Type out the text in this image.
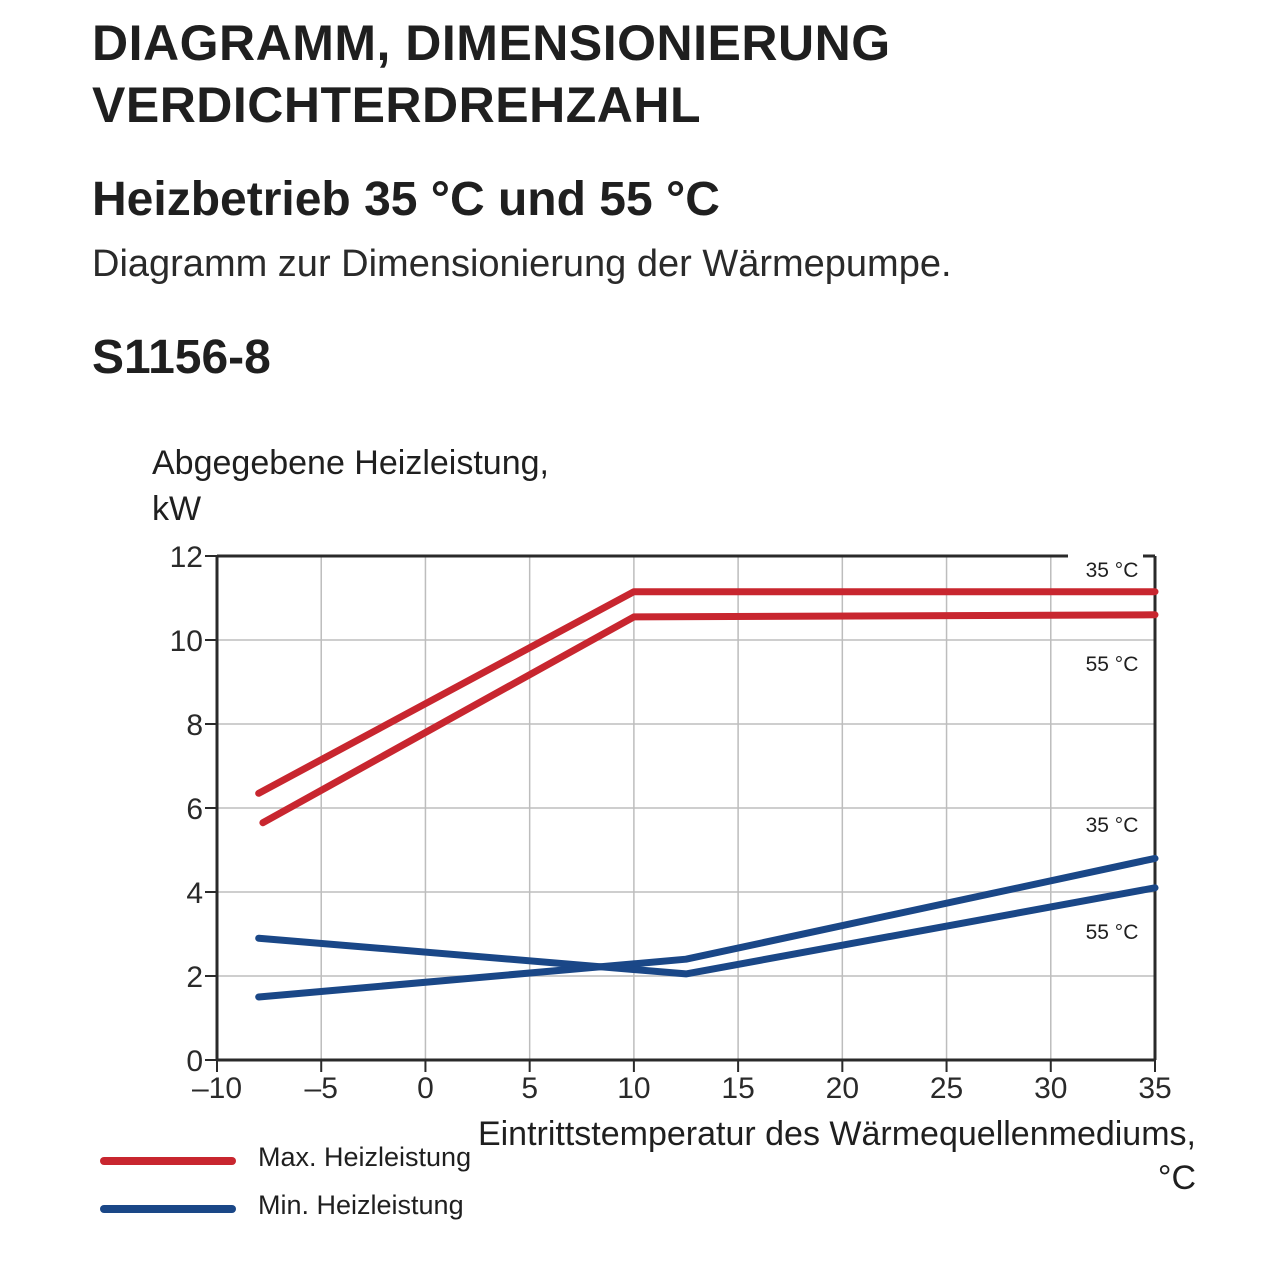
DIAGRAMM, DIMENSIONIERUNG
VERDICHTERDREHZAHL
Heizbetrieb 35 °C und 55 °C

Diagramm zur Dimensionierung der Wärmepumpe.

S1156-8
Abgegebene Heizleistung,
kW
0
2
4
6
8
10
12
–10 –5	0	5	10 15 20 25 30 35
35 °C
55 °C
35 °C
55 °C
Eintrittstemperatur des Wärmequellenmediums,
°C
Max. Heizleistung
Min. Heizleistung
